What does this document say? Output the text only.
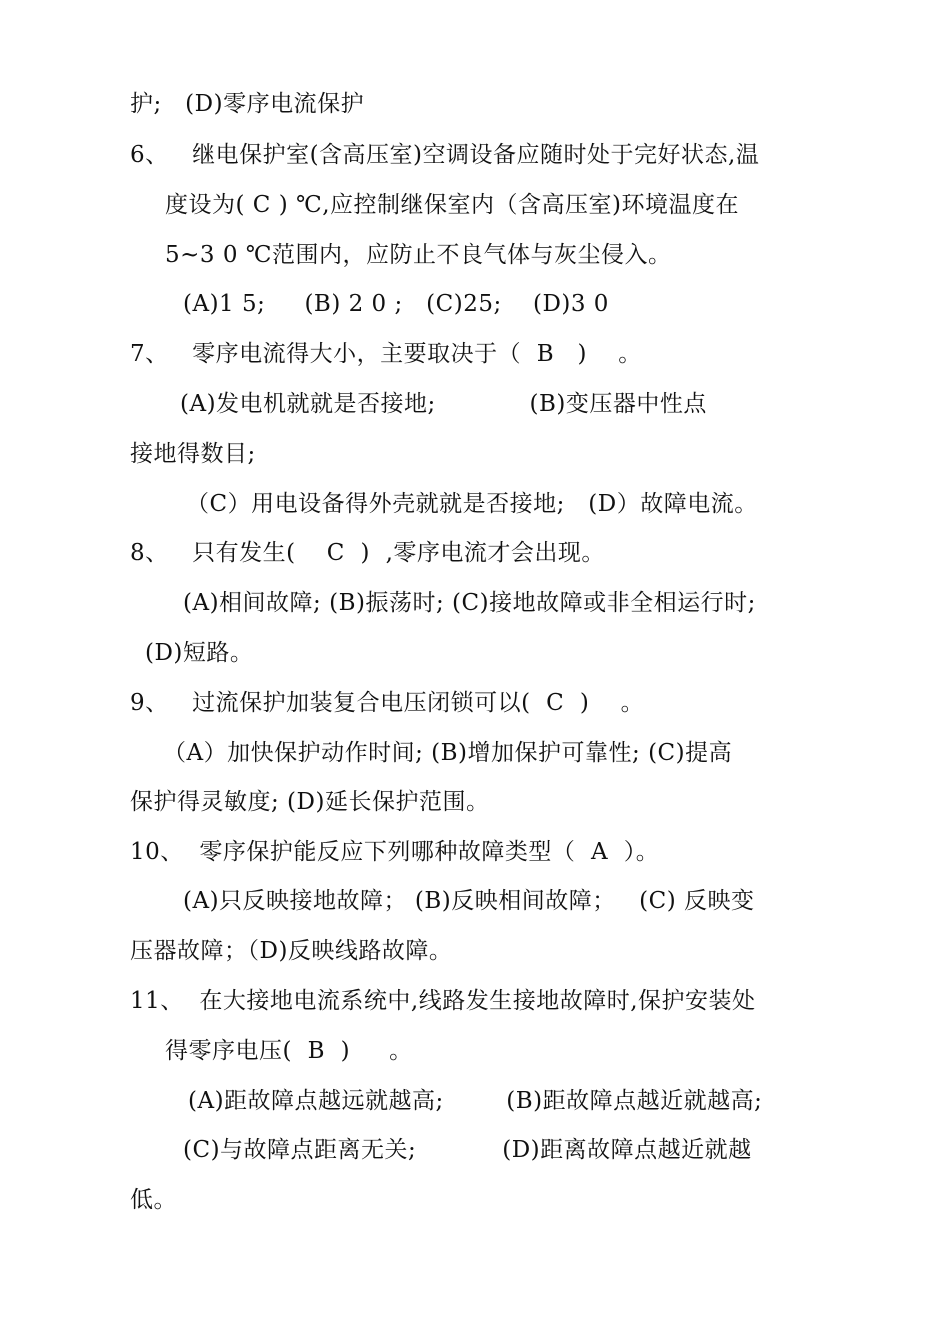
护;   (D)零序电流保护
6、   继电保护室(含高压室)空调设备应随时处于完好状态,温
度设为( C ) ℃,应控制继保室内（含高压室)环境温度在
5~3 0 ℃范围内，应防止不良气体与灰尘侵入。
(A)1 5;     (B) 2 0 ;   (C)25;    (D)3 0
7、   零序电流得大小，主要取决于（  B   )    。
(A)发电机就就是否接地;            (B)变压器中性点
接地得数目;
（C）用电设备得外壳就就是否接地;   (D）故障电流。
8、   只有发生(    C  )  ,零序电流才会出现。
(A)相间故障; (B)振荡时; (C)接地故障或非全相运行时;
(D)短路。
9、   过流保护加装复合电压闭锁可以(  C  )    。
（A）加快保护动作时间; (B)增加保护可靠性; (C)提高
保护得灵敏度; (D)延长保护范围。
10、  零序保护能反应下列哪种故障类型（  A  ）。
(A)只反映接地故障； (B)反映相间故障；   (C) 反映变
压器故障；（D)反映线路故障。
11、  在大接地电流系统中,线路发生接地故障时,保护安装处
得零序电压(  B  )     。
(A)距故障点越远就越高;        (B)距故障点越近就越高;
(C)与故障点距离无关;           (D)距离故障点越近就越
低。
